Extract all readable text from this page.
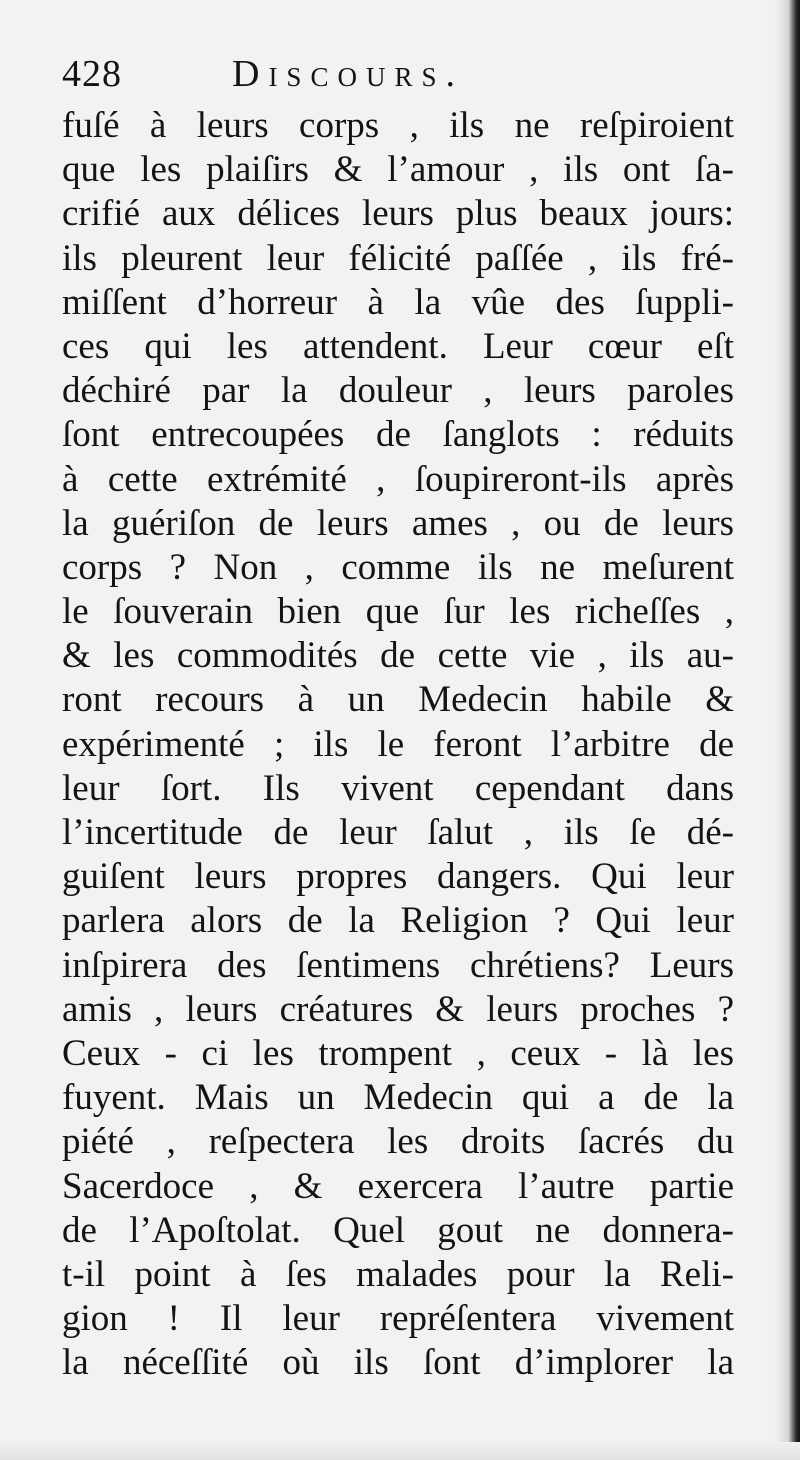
428	Discours.
fuſé à leurs corps , ils ne reſpiroient
que les plaiſirs & l’amour , ils ont ſa-
crifié aux délices leurs plus beaux jours:
ils pleurent leur félicité paſſée , ils fré-
miſſent d’horreur à la vûe des ſuppli-
ces qui les attendent. Leur cœur eſt
déchiré par la douleur , leurs paroles
ſont entrecoupées de ſanglots : réduits
à cette extrémité , ſoupireront-ils après
la guériſon de leurs ames , ou de leurs
corps ? Non , comme ils ne meſurent
le ſouverain bien que ſur les richeſſes ,
& les commodités de cette vie , ils au-
ront recours à un Medecin habile &
expérimenté ; ils le feront l’arbitre de
leur ſort. Ils vivent cependant dans
l’incertitude de leur ſalut , ils ſe dé-
guiſent leurs propres dangers. Qui leur
parlera alors de la Religion ? Qui leur
inſpirera des ſentimens chrétiens? Leurs
amis , leurs créatures & leurs proches ?
Ceux - ci les trompent , ceux - là les
fuyent. Mais un Medecin qui a de la
piété , reſpectera les droits ſacrés du
Sacerdoce , & exercera l’autre partie
de l’Apoſtolat. Quel gout ne donnera-
t-il point à ſes malades pour la Reli-
gion ! Il leur repréſentera vivement
la néceſſité où ils ſont d’implorer la
